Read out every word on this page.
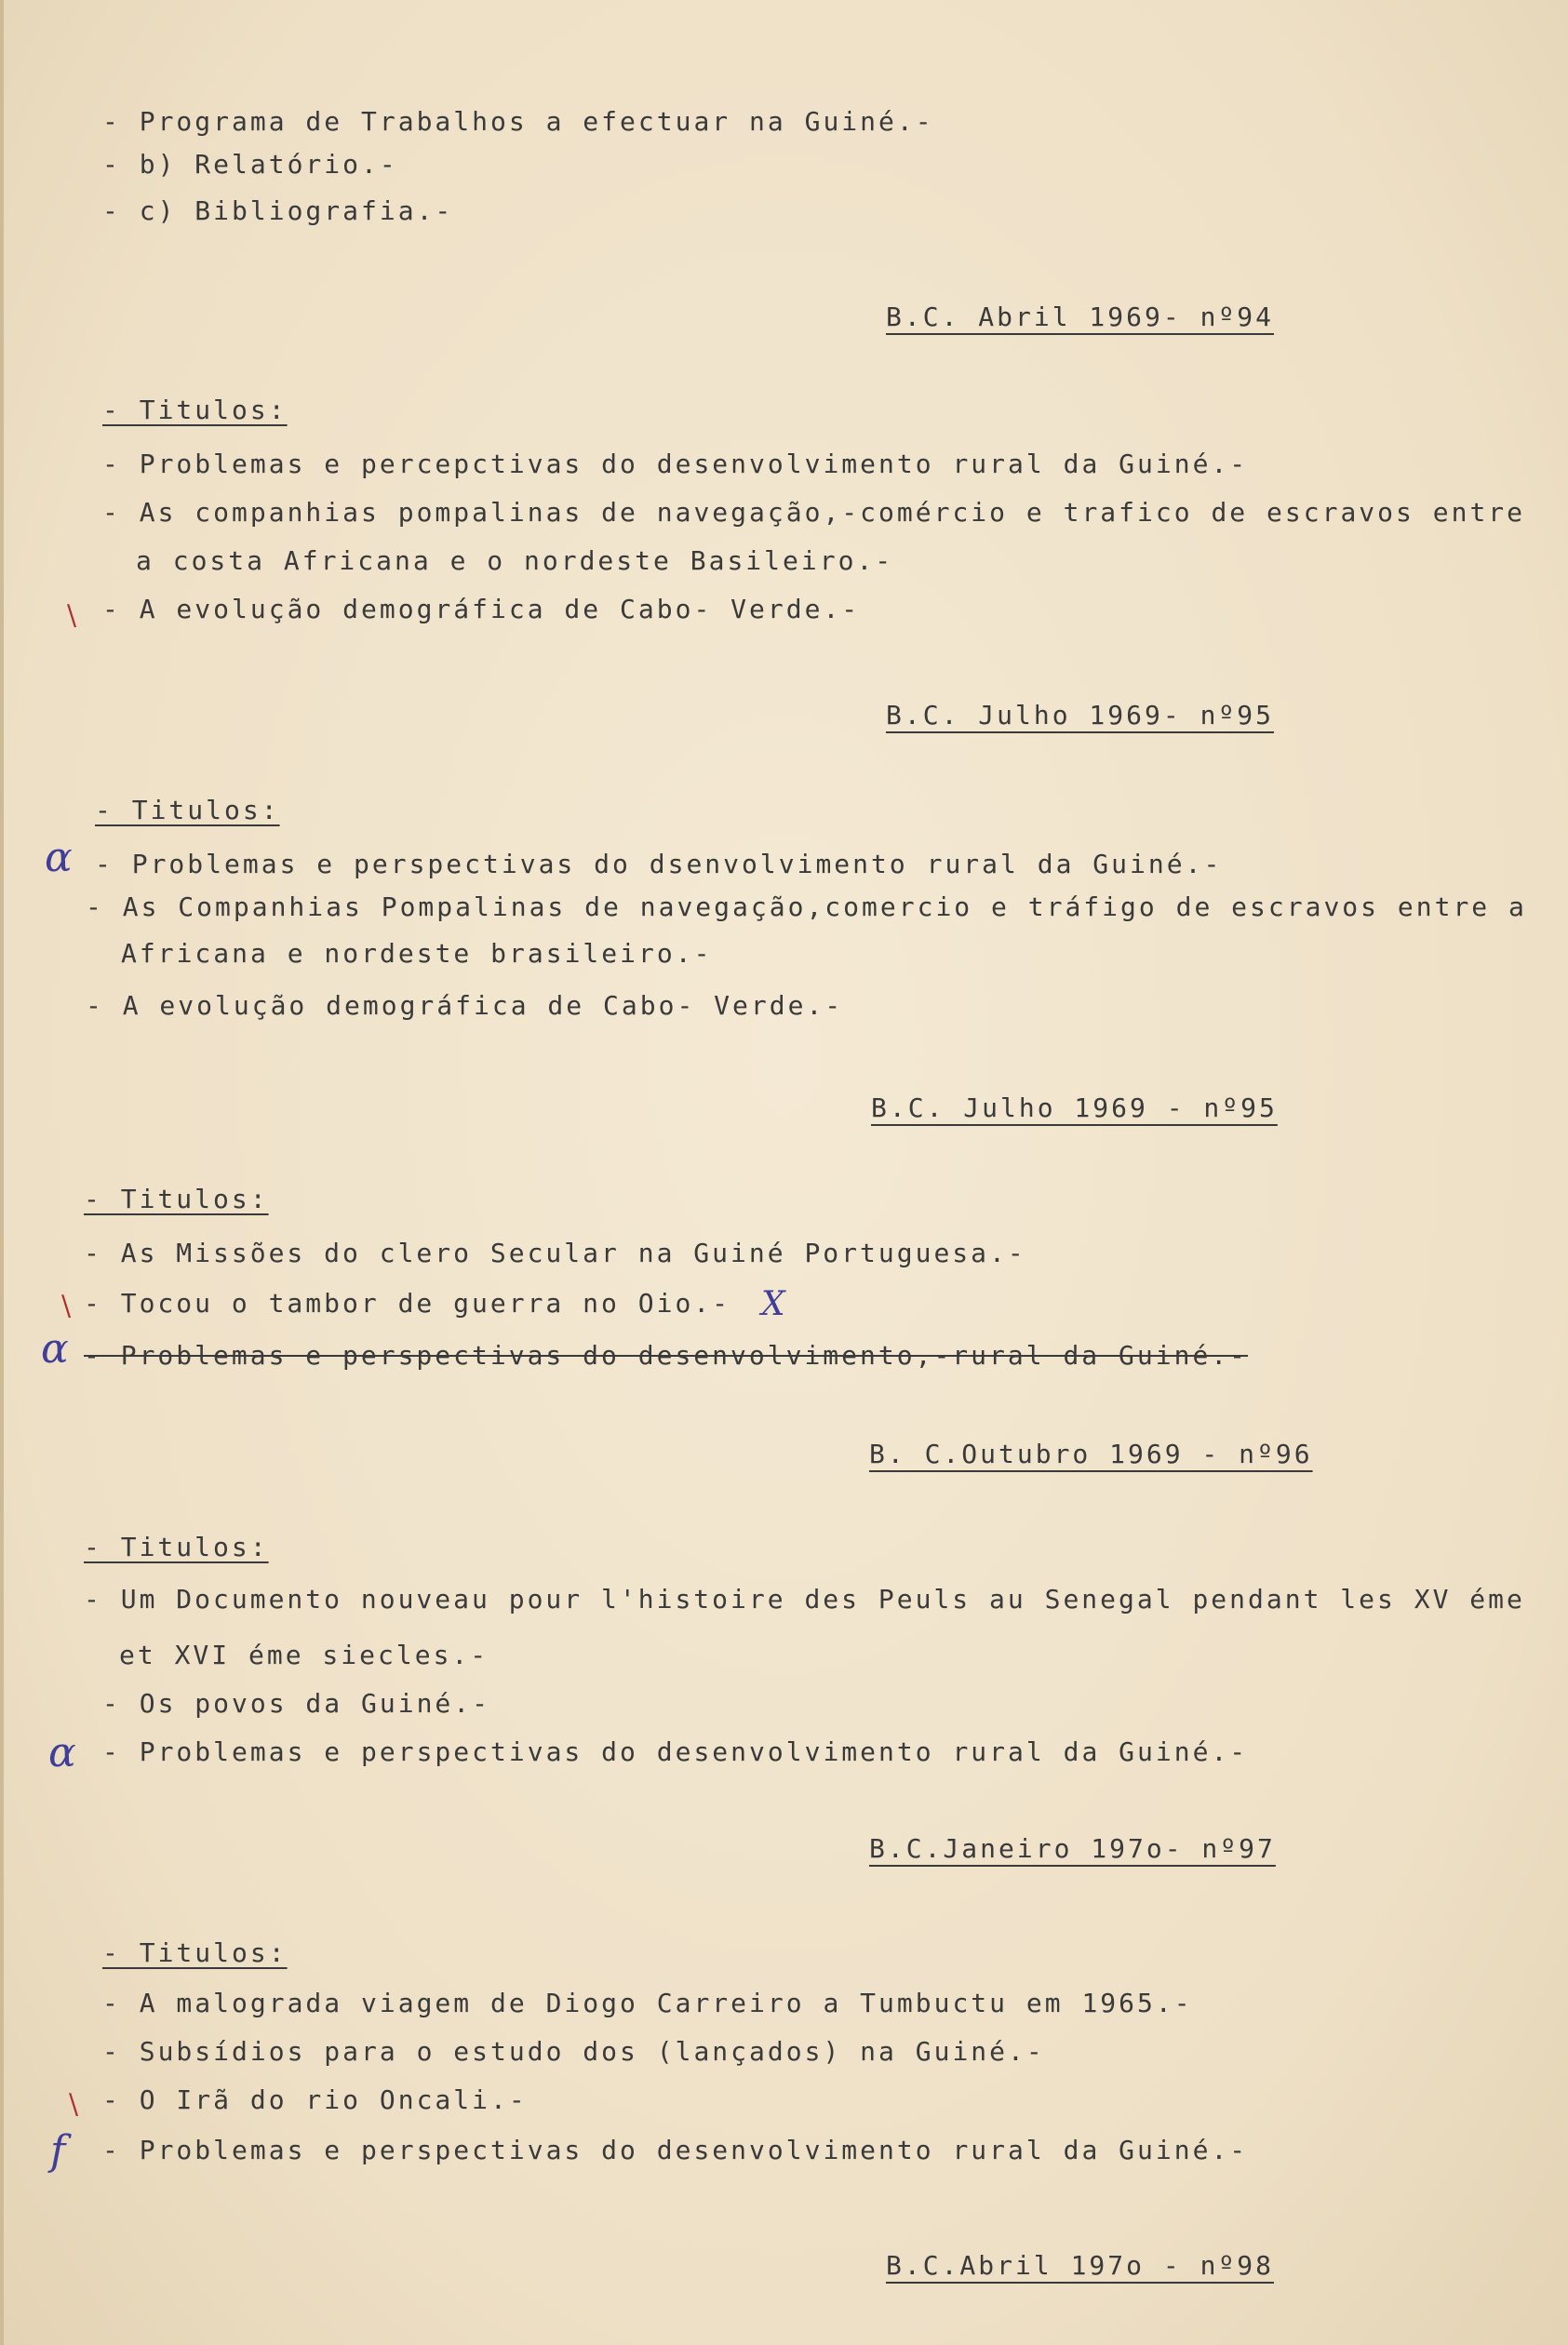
- Programa de Trabalhos a efectuar na Guiné.-
- b) Relatório.-
- c) Bibliografia.-
B.C. Abril 1969- nº94
- Titulos:
- Problemas e percepctivas do desenvolvimento rural da Guiné.-
- As companhias pompalinas de navegação,-comércio e trafico de escravos entre
a costa Africana e o nordeste Basileiro.-
- A evolução demográfica de Cabo- Verde.-
\
B.C. Julho 1969- nº95
- Titulos:
α - Problemas e perspectivas do dsenvolvimento rural da Guiné.-
- As Companhias Pompalinas de navegação,comercio e tráfigo de escravos entre a
Africana e nordeste brasileiro.-
- A evolução demográfica de Cabo- Verde.-
B.C. Julho 1969 - nº95
- Titulos:
- As Missões do clero Secular na Guiné Portuguesa.-
\ - Tocou o tambor de guerra no Oio.- X
α - Problemas e perspectivas do desenvolvimento,-rural da Guiné.-
B. C.Outubro 1969 - nº96
- Titulos:
- Um Documento nouveau pour l'histoire des Peuls au Senegal pendant les XV éme
et XVI éme siecles.-
- Os povos da Guiné.-
α - Problemas e perspectivas do desenvolvimento rural da Guiné.-
B.C.Janeiro 197o- nº97
- Titulos:
- A malograda viagem de Diogo Carreiro a Tumbuctu em 1965.-
- Subsídios para o estudo dos (lançados) na Guiné.-
\ - O Irã do rio Oncali.-
f - Problemas e perspectivas do desenvolvimento rural da Guiné.-
B.C.Abril 197o - nº98
